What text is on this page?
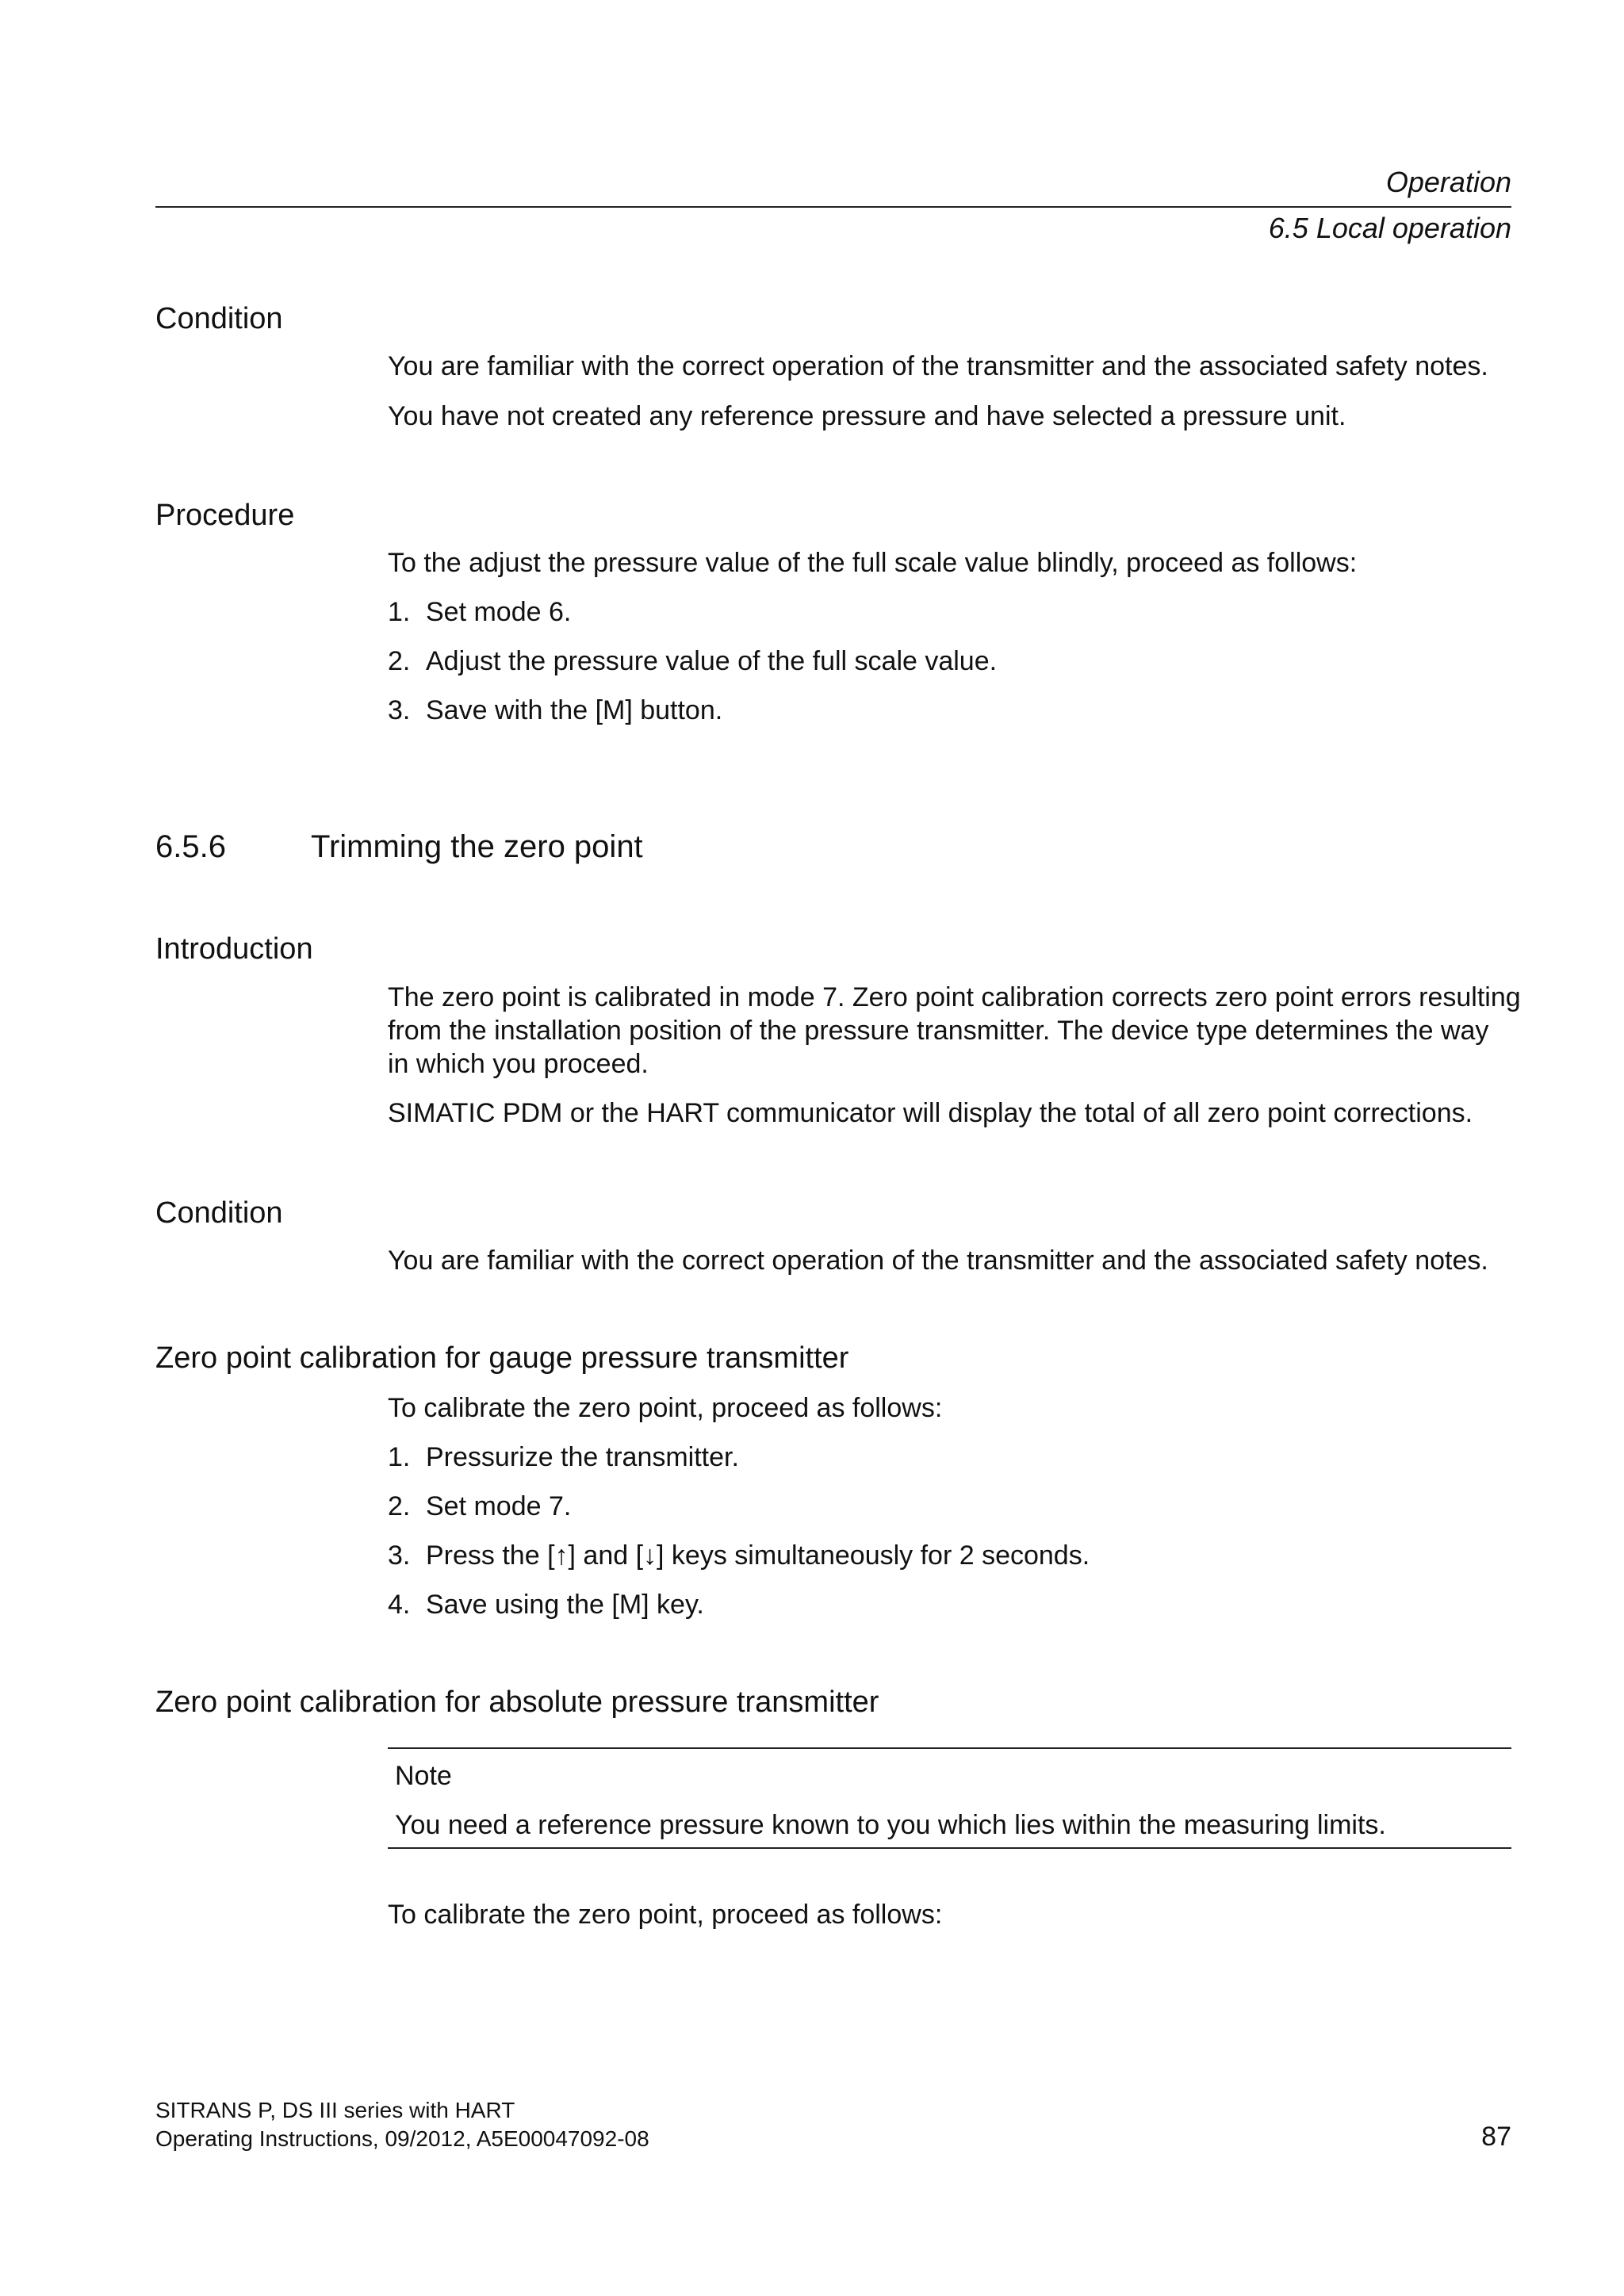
Operation
6.5 Local operation
Condition
You are familiar with the correct operation of the transmitter and the associated safety notes.
You have not created any reference pressure and have selected a pressure unit.
Procedure
To the adjust the pressure value of the full scale value blindly, proceed as follows:
1. Set mode 6.
2. Adjust the pressure value of the full scale value.
3. Save with the [M] button.
6.5.6	Trimming the zero point
Introduction
The zero point is calibrated in mode 7. Zero point calibration corrects zero point errors resulting
from the installation position of the pressure transmitter. The device type determines the way
in which you proceed.
SIMATIC PDM or the HART communicator will display the total of all zero point corrections.
Condition
You are familiar with the correct operation of the transmitter and the associated safety notes.
Zero point calibration for gauge pressure transmitter
To calibrate the zero point, proceed as follows:
1. Pressurize the transmitter.
2. Set mode 7.
3. Press the [↑] and [↓] keys simultaneously for 2 seconds.
4. Save using the [M] key.
Zero point calibration for absolute pressure transmitter
Note
You need a reference pressure known to you which lies within the measuring limits.
To calibrate the zero point, proceed as follows:
SITRANS P, DS III series with HART
Operating Instructions, 09/2012, A5E00047092-08	87
